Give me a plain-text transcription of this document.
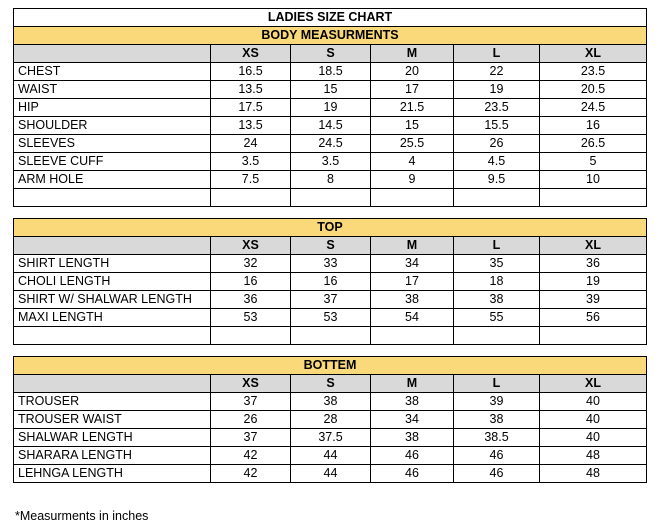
LADIES SIZE CHART					
BODY MEASURMENTS					
	XS	S	M	L	XL
CHEST	16.5	18.5	20	22	23.5
WAIST	13.5	15	17	19	20.5
HIP	17.5	19	21.5	23.5	24.5
SHOULDER	13.5	14.5	15	15.5	16
SLEEVES	24	24.5	25.5	26	26.5
SLEEVE CUFF	3.5	3.5	4	4.5	5
ARM HOLE	7.5	8	9	9.5	10

TOP					
	XS	S	M	L	XL
SHIRT LENGTH	32	33	34	35	36
CHOLI LENGTH	16	16	17	18	19
SHIRT W/ SHALWAR LENGTH	36	37	38	38	39
MAXI LENGTH	53	53	54	55	56

BOTTEM					
	XS	S	M	L	XL
TROUSER	37	38	38	39	40
TROUSER WAIST	26	28	34	38	40
SHALWAR LENGTH	37	37.5	38	38.5	40
SHARARA LENGTH	42	44	46	46	48
LEHNGA LENGTH	42	44	46	46	48
*Measurments in inches
